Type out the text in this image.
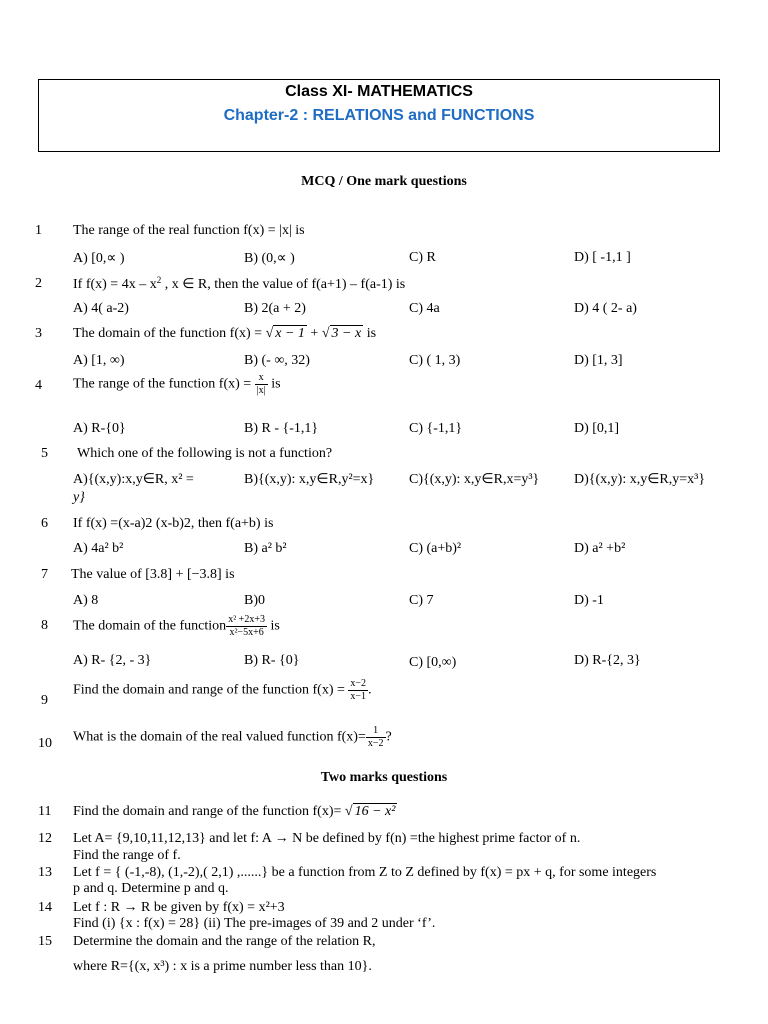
Class XI- MATHEMATICS
Chapter-2 : RELATIONS and FUNCTIONS
MCQ / One mark questions
1 The range of the real function f(x) = |x| is
A) [0,∝ )	B) (0,∝ )	C) R	D) [ -1,1 ]
2 If $f(x) = 4x - x^2$ , x ∈ R, then the value of f(a+1) – f(a-1) is
A) 4( a-2)	B) 2(a + 2)	C) 4a	D) 4 ( 2- a)
3 The domain of the function f(x) = √ x − 1 + √ 3 − x is
A) [1, ∞)	B) (- ∞, 32)	C) ( 1, 3)	D) [1, 3]
4 The range of the function $f(x) = \frac{x}{|x|}$ is
A) R-{0}	B) R - {-1,1}	C) {-1,1}	D) [0,1]
5 Which one of the following is not a function?
A){(x,y):x,y∈R, x² =	B){(x,y): x,y∈R,y²=x} C){(x,y): x,y∈R,x=y³} D){(x,y): x,y∈R,y=x³}
y}
6 If f(x) =(x-a)2 (x-b)2, then f(a+b) is
A) 4a² b²	B) a² b²	C) (a+b)²	D) a² +b²
7 The value of [3.8] + [−3.8] is
A) 8	B)0	C) 7	D) -1
8 The domain of the function $\frac{\text{x² +2x+3}}{\text{x²−5x+6}}$ is
A) R- {2, - 3}	B) R- {0}	C) [0,∞)	D) R-{2, 3}
9
Find the domain and range of the function $f(x) = \frac{x-2}{x-1}$ .
10 What is the domain of the real valued function $f(x)= \frac{1}{x-2}$ ?
Two marks questions
11 Find the domain and range of the function f(x)= √ 16 − x²
12 Let A= {9,10,11,12,13} and let f: A → N be defined by f(n) =the highest prime factor of n.
Find the range of f.
13 Let f = { (-1,-8), (1,-2),( 2,1) ,......} be a function from Z to Z defined by f(x) = px + q, for some integers
p and q. Determine p and q.
14 Let f : R → R be given by f(x) = x²+3
Find (i) {x : f(x) = 28} (ii) The pre-images of 39 and 2 under ‘f’.
15 Determine the domain and the range of the relation R,
where R={(x, x³) : x is a prime number less than 10}.
